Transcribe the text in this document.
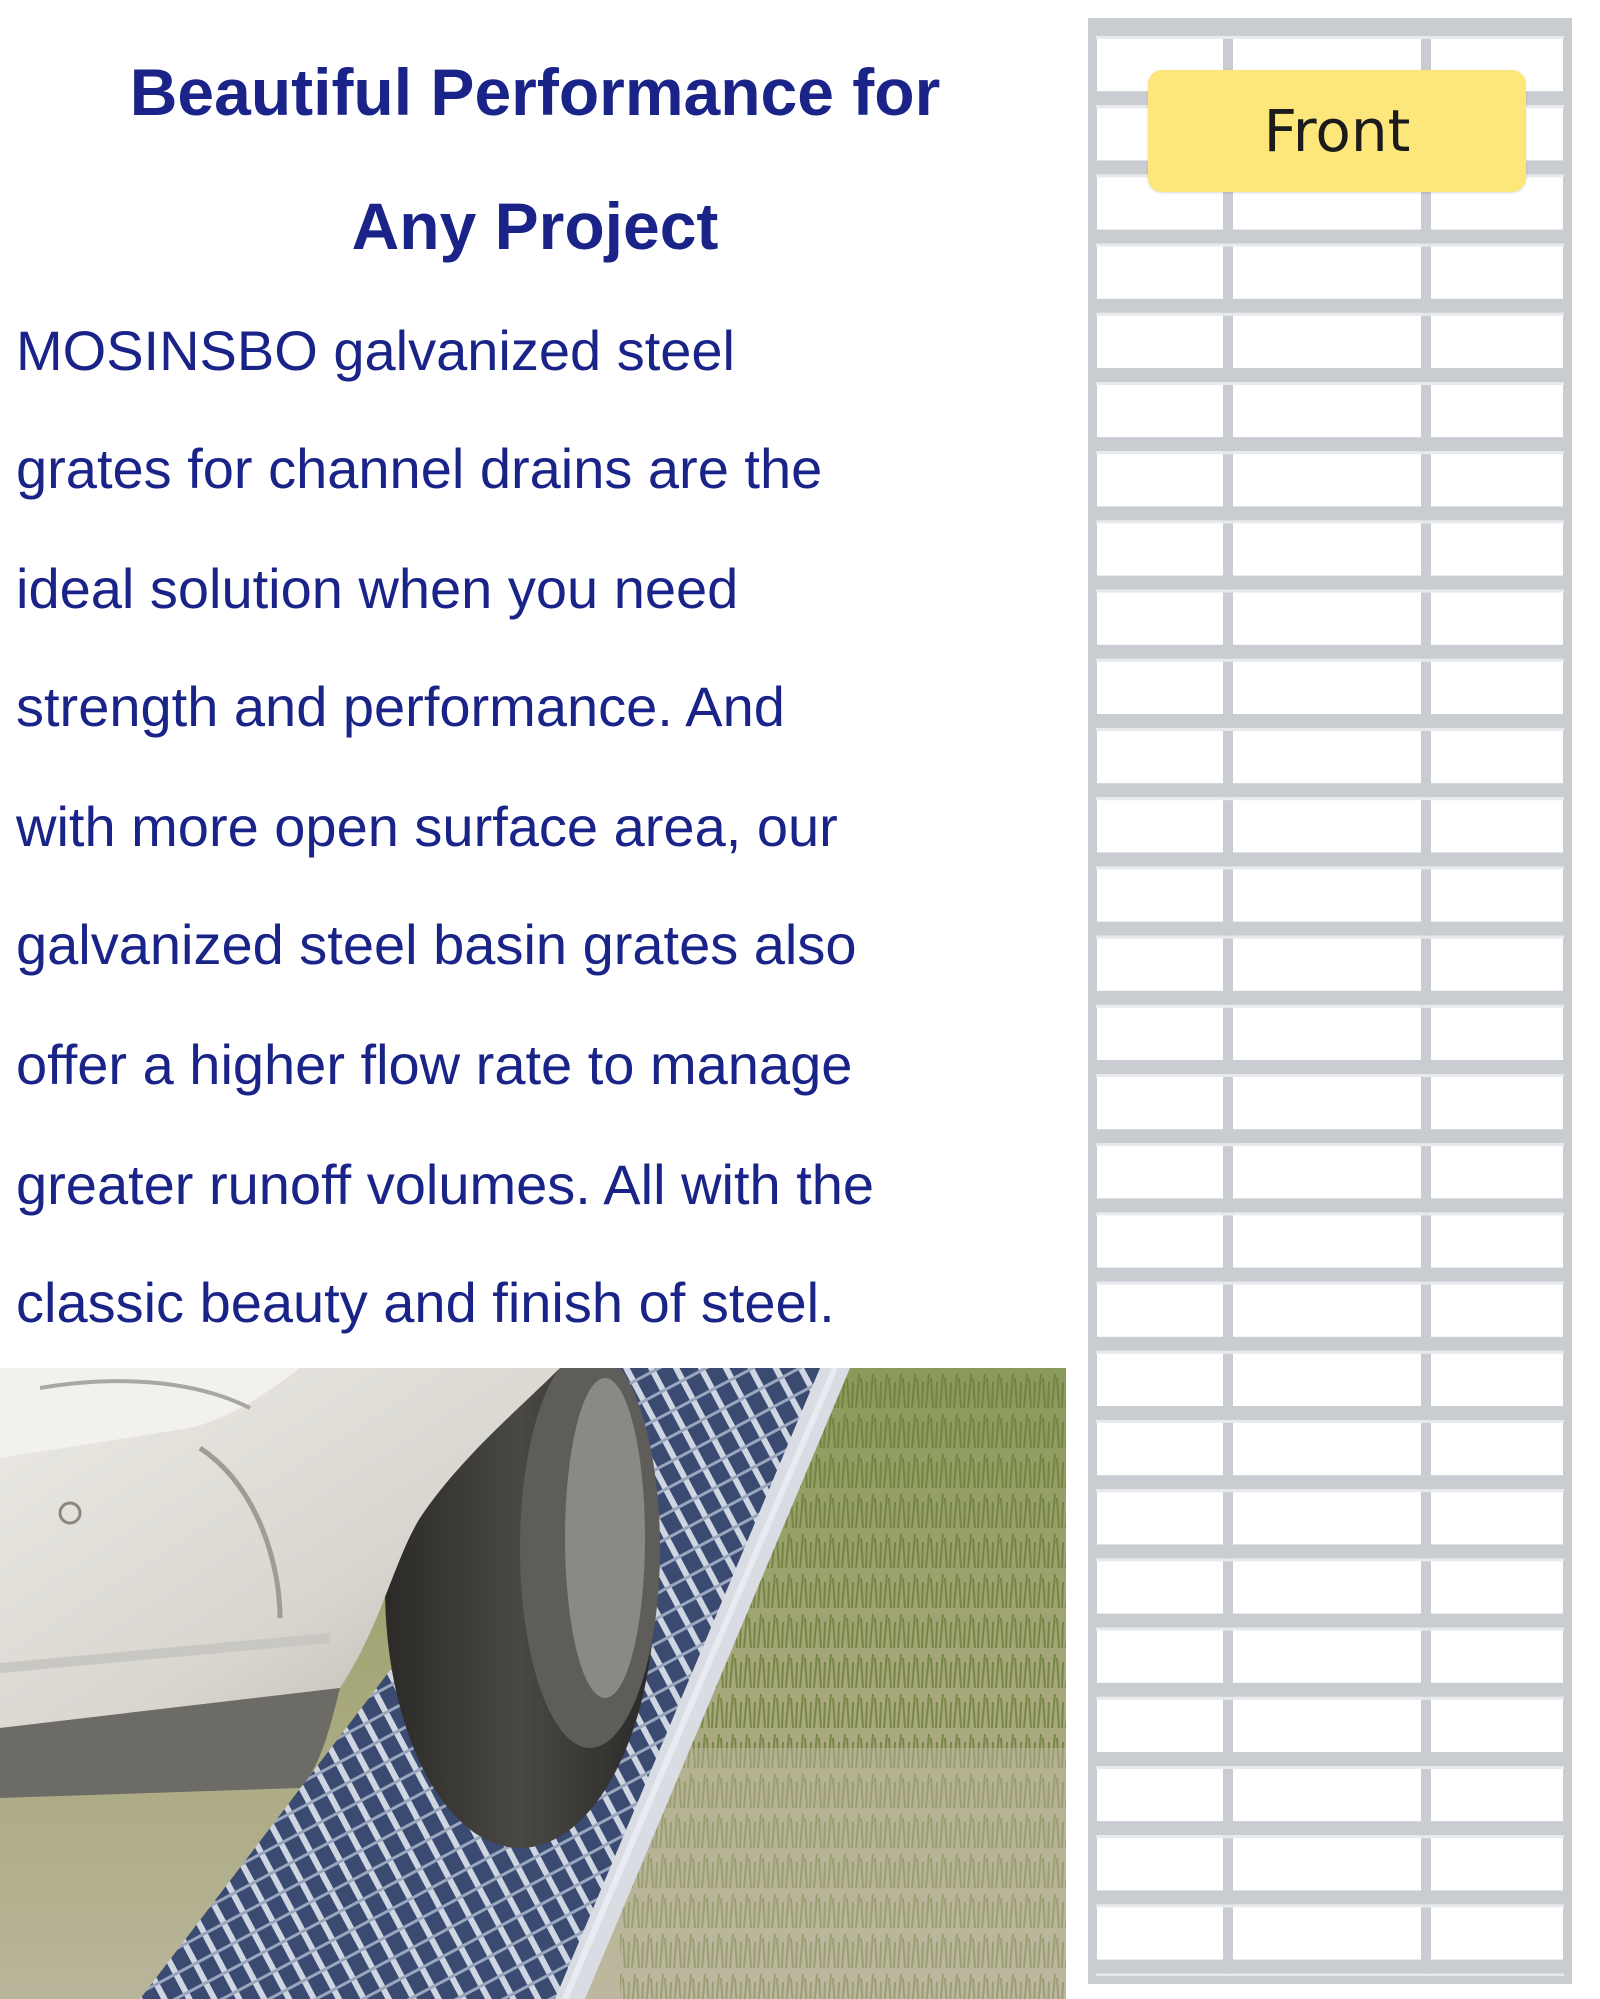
Beautiful Performance for
Any Project

MOSINSBO galvanized steel

grates for channel drains are the

ideal solution when you need

strength and performance. And

with more open surface area, our

galvanized steel basin grates also

offer a higher flow rate to manage

greater runoff volumes. All with the

classic beauty and finish of steel.

Front
